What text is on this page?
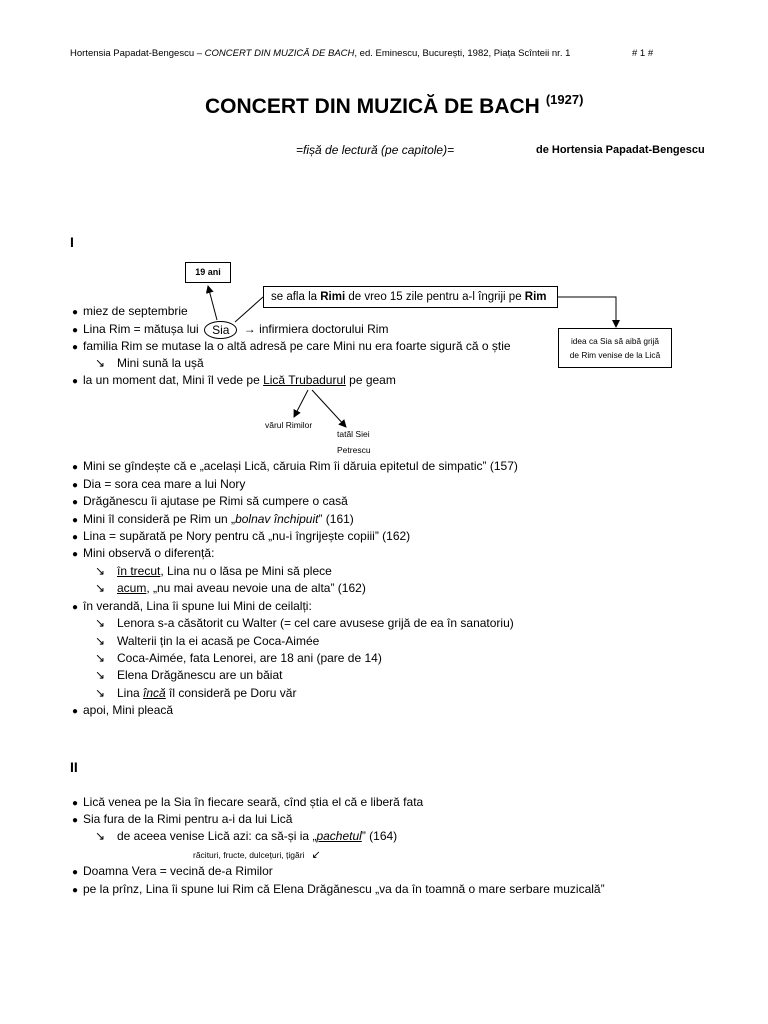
Hortensia Papadat-Bengescu – CONCERT DIN MUZICĂ DE BACH, ed. Eminescu, București, 1982, Piața Scînteii nr. 1	# 1 #
CONCERT DIN MUZICĂ DE BACH $^{(1927)}$
=fișă de lectură (pe capitole)=	de Hortensia Papadat-Bengescu
I
19 ani
se afla la Rimi de vreo 15 zile pentru a-l îngriji pe Rim
idea ca Sia să aibă grijă
de Rim venise de la Lică
● miez de septembrie
● Lina Rim = mătușa lui Sia → infirmiera doctorului Rim
● familia Rim se mutase la o altă adresă pe care Mini nu era foarte sigură că o știe
↘ Mini sună la ușă
● la un moment dat, Mini îl vede pe Lică Trubadurul pe geam
vărul Rimilor
tatăl Siei
Petrescu
● Mini se gîndește că e „același Lică, căruia Rim îi dăruia epitetul de simpatic” (157)
● Dia = sora cea mare a lui Nory
● Drăgănescu îi ajutase pe Rimi să cumpere o casă
● Mini îl consideră pe Rim un „bolnav închipuit” (161)
● Lina = supărată pe Nory pentru că „nu-i îngrijește copiii” (162)
● Mini observă o diferență:
↘ în trecut, Lina nu o lăsa pe Mini să plece
↘ acum, „nu mai aveau nevoie una de alta” (162)
● în verandă, Lina îi spune lui Mini de ceilalți:
↘ Lenora s-a căsătorit cu Walter (= cel care avusese grijă de ea în sanatoriu)
↘ Walterii țin la ei acasă pe Coca-Aimée
↘ Coca-Aimée, fata Lenorei, are 18 ani (pare de 14)
↘ Elena Drăgănescu are un băiat
↘ Lina încă îl consideră pe Doru văr
● apoi, Mini pleacă
II
● Lică venea pe la Sia în fiecare seară, cînd știa el că e liberă fata
● Sia fura de la Rimi pentru a-i da lui Lică
↘ de aceea venise Lică azi: ca să-și ia „pachetul” (164)
răcituri, fructe, dulcețuri, țigări ↙
● Doamna Vera = vecină de-a Rimilor
● pe la prînz, Lina îi spune lui Rim că Elena Drăgănescu „va da în toamnă o mare serbare muzicală”
